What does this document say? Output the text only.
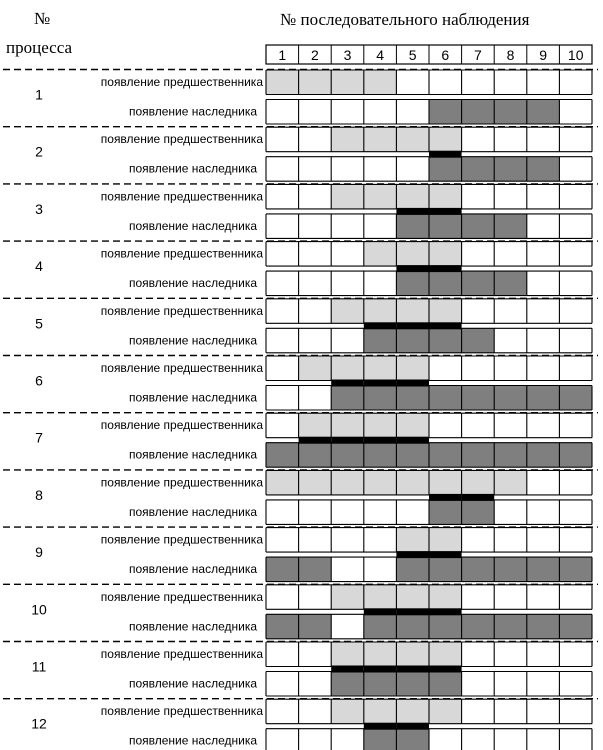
№
процесса
№ последовательного наблюдения
1 2 3 4 5 6 7 8 9 10
появление предшественника
появление наследника
1
появление предшественника
появление наследника
2
появление предшественника
появление наследника
3
появление предшественника
появление наследника
4
появление предшественника
появление наследника
5
появление предшественника
появление наследника
6
появление предшественника
появление наследника
7
появление предшественника
появление наследника
8
появление предшественника
появление наследника
9
появление предшественника
появление наследника
10
появление предшественника
появление наследника
11
появление предшественника
появление наследника
12
